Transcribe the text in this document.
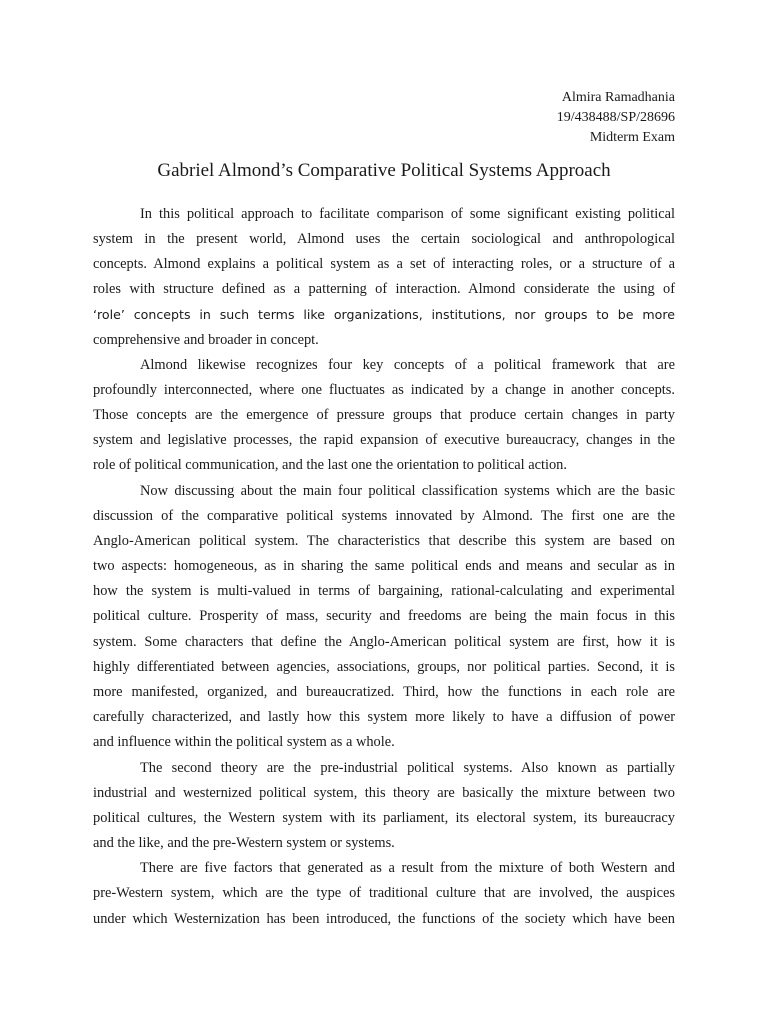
Almira Ramadhania
19/438488/SP/28696
Midterm Exam
Gabriel Almond’s Comparative Political Systems Approach
In this political approach to facilitate comparison of some significant existing political
system in the present world, Almond uses the certain sociological and anthropological
concepts. Almond explains a political system as a set of interacting roles, or a structure of a
roles with structure defined as a patterning of interaction. Almond considerate the using of
‘role’ concepts in such terms like organizations, institutions, nor groups to be more
comprehensive and broader in concept.
Almond likewise recognizes four key concepts of a political framework that are
profoundly interconnected, where one fluctuates as indicated by a change in another concepts.
Those concepts are the emergence of pressure groups that produce certain changes in party
system and legislative processes, the rapid expansion of executive bureaucracy, changes in the
role of political communication, and the last one the orientation to political action.
Now discussing about the main four political classification systems which are the basic
discussion of the comparative political systems innovated by Almond. The first one are the
Anglo-American political system. The characteristics that describe this system are based on
two aspects: homogeneous, as in sharing the same political ends and means and secular as in
how the system is multi-valued in terms of bargaining, rational-calculating and experimental
political culture. Prosperity of mass, security and freedoms are being the main focus in this
system. Some characters that define the Anglo-American political system are first, how it is
highly differentiated between agencies, associations, groups, nor political parties. Second, it is
more manifested, organized, and bureaucratized. Third, how the functions in each role are
carefully characterized, and lastly how this system more likely to have a diffusion of power
and influence within the political system as a whole.
The second theory are the pre-industrial political systems. Also known as partially
industrial and westernized political system, this theory are basically the mixture between two
political cultures, the Western system with its parliament, its electoral system, its bureaucracy
and the like, and the pre-Western system or systems.
There are five factors that generated as a result from the mixture of both Western and
pre-Western system, which are the type of traditional culture that are involved, the auspices
under which Westernization has been introduced, the functions of the society which have been
